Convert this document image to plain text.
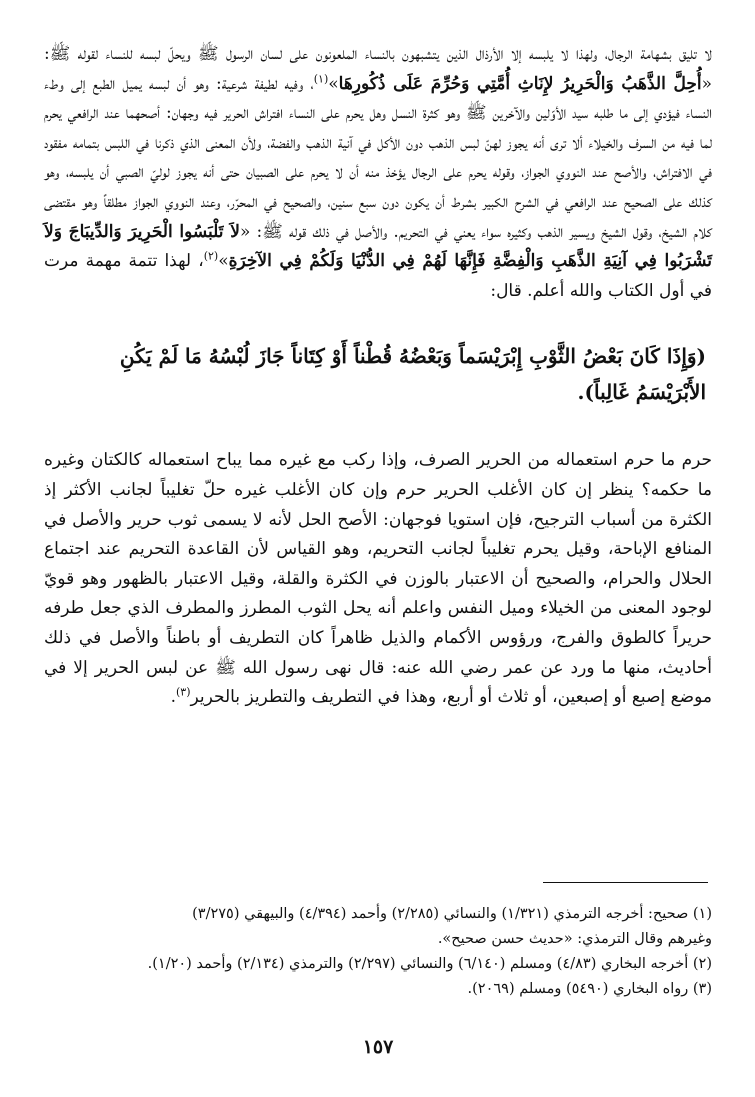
لا تليق بشهامة الرجال، ولهذا لا يلبسه إلا الأرذال الذين يتشبهون بالنساء الملعونون على لسان الرسول ﷺ ويحلّ لبسه للنساء لقوله ﷺ: «أُحِلَّ الذَّهَبُ وَالْحَرِيرُ لإِنَاثِ أُمَّتِي وَحُرِّمَ عَلَى ذُكُورِهَا»$^{(١)}$، وفيه لطيفة شرعية: وهو أن لبسه يميل الطبع إلى وطء النساء فيؤدي إلى ما طلبه سيد الأوّلين والآخرين ﷺ وهو كثرة النسل وهل يحرم على النساء افتراش الحرير فيه وجهان: أصحهما عند الرافعي يحرم لما فيه من السرف والخيلاء ألا ترى أنه يجوز لهنّ لبس الذهب دون الأكل في آنية الذهب والفضة، ولأن المعنى الذي ذكرنا في اللبس بتمامه مفقود في الافتراش، والأصح عند النووي الجواز، وقوله يحرم على الرجال يؤخذ منه أن لا يحرم على الصبيان حتى أنه يجوز لوليّ الصبي أن يلبسه، وهو كذلك على الصحيح عند الرافعي في الشرح الكبير بشرط أن يكون دون سبع سنين، والصحيح في المحرّر، وعند النووي الجواز مطلقاً وهو مقتضى كلام الشيخ، وقول الشيخ ويسير الذهب وكثيره سواء يعني في التحريم. والأصل في ذلك قوله ﷺ: «لاَ تَلْبَسُوا الْحَرِيرَ وَالدِّيبَاجَ وَلاَ تَشْرَبُوا فِي آنِيَةِ الذَّهَبِ وَالْفِضَّةِ فَإِنَّهَا لَهُمْ فِي الدُّنْيَا وَلَكُمْ فِي الآخِرَةِ»$^{(٢)}$، لهذا تتمة مهمة مرت في أول الكتاب والله أعلم. قال:

(وَإِذَا كَانَ بَعْضُ الثَّوْبِ إِبْرَيْسَماً وَبَعْضُهُ قُطْناً أَوْ كِتَاناً جَازَ لُبْسُهُ مَا لَمْ يَكُنِ الأَبْرَيْسَمُ غَالِباً).

حرم ما حرم استعماله من الحرير الصرف، وإذا ركب مع غيره مما يباح استعماله كالكتان وغيره ما حكمه؟ ينظر إن كان الأغلب الحرير حرم وإن كان الأغلب غيره حلّ تغليباً لجانب الأكثر إذ الكثرة من أسباب الترجيح، فإن استويا فوجهان: الأصح الحل لأنه لا يسمى ثوب حرير والأصل في المنافع الإباحة، وقيل يحرم تغليباً لجانب التحريم، وهو القياس لأن القاعدة التحريم عند اجتماع الحلال والحرام، والصحيح أن الاعتبار بالوزن في الكثرة والقلة، وقيل الاعتبار بالظهور وهو قويّ لوجود المعنى من الخيلاء وميل النفس واعلم أنه يحل الثوب المطرز والمطرف الذي جعل طرفه حريراً كالطوق والفرج، ورؤوس الأكمام والذيل ظاهراً كان التطريف أو باطناً والأصل في ذلك أحاديث، منها ما ورد عن عمر رضي الله عنه: قال نهى رسول الله ﷺ عن لبس الحرير إلا في موضع إصبع أو إصبعين، أو ثلاث أو أربع، وهذا في التطريف والتطريز بالحرير$^{(٣)}$.

(١) صحيح: أخرجه الترمذي (١/٣٢١) والنسائي (٢/٢٨٥) وأحمد (٤/٣٩٤) والبيهقي (٣/٢٧٥)

وغيرهم وقال الترمذي: «حديث حسن صحيح».

(٢) أخرجه البخاري (٤/٨٣) ومسلم (٦/١٤٠) والنسائي (٢/٢٩٧) والترمذي (٢/١٣٤) وأحمد (١/٢٠).

(٣) رواه البخاري (٥٤٩٠) ومسلم (٢٠٦٩).

١٥٧
